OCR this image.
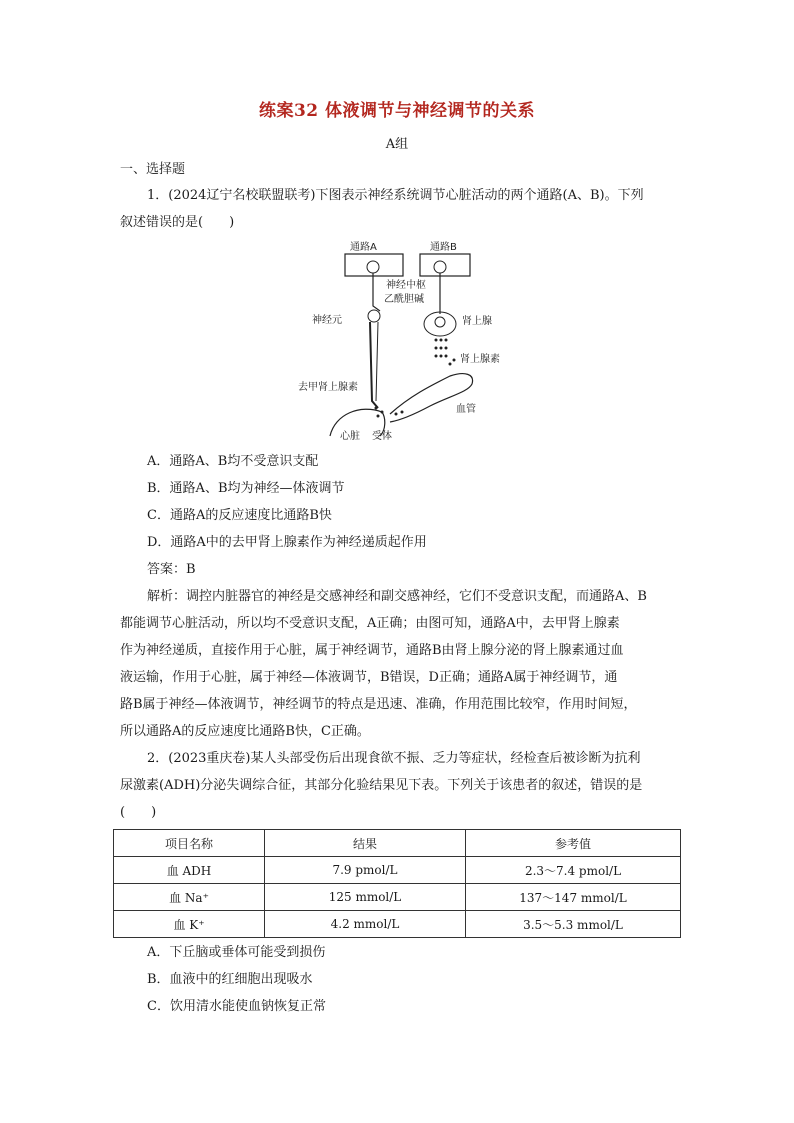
练案32 体液调节与神经调节的关系
A组
一、选择题
1．(2024辽宁名校联盟联考)下图表示神经系统调节心脏活动的两个通路(A、B)。下列
叙述错误的是(　　)
通路A	通路B
神经中枢
乙酰胆碱
神经元	肾上腺
肾上腺素
血管
去甲肾上腺素
心脏 受体
A．通路A、B均不受意识支配
B．通路A、B均为神经—体液调节
C．通路A的反应速度比通路B快
D．通路A中的去甲肾上腺素作为神经递质起作用
答案：B
解析：调控内脏器官的神经是交感神经和副交感神经，它们不受意识支配，而通路A、B
都能调节心脏活动，所以均不受意识支配，A正确；由图可知，通路A中，去甲肾上腺素
作为神经递质，直接作用于心脏，属于神经调节，通路B由肾上腺分泌的肾上腺素通过血
液运输，作用于心脏，属于神经—体液调节，B错误，D正确；通路A属于神经调节，通
路B属于神经—体液调节，神经调节的特点是迅速、准确，作用范围比较窄，作用时间短，
所以通路A的反应速度比通路B快，C正确。
2．(2023重庆卷)某人头部受伤后出现食欲不振、乏力等症状，经检查后被诊断为抗利
尿激素(ADH)分泌失调综合征，其部分化验结果见下表。下列关于该患者的叙述，错误的是
(　　)
项目名称	结果	参考值
血 ADH	7.9 pmol/L	2.3～7.4 pmol/L
血 Na⁺	125 mmol/L	137～147 mmol/L
血 K⁺	4.2 mmol/L	3.5～5.3 mmol/L
A．下丘脑或垂体可能受到损伤
B．血液中的红细胞出现吸水
C．饮用清水能使血钠恢复正常
